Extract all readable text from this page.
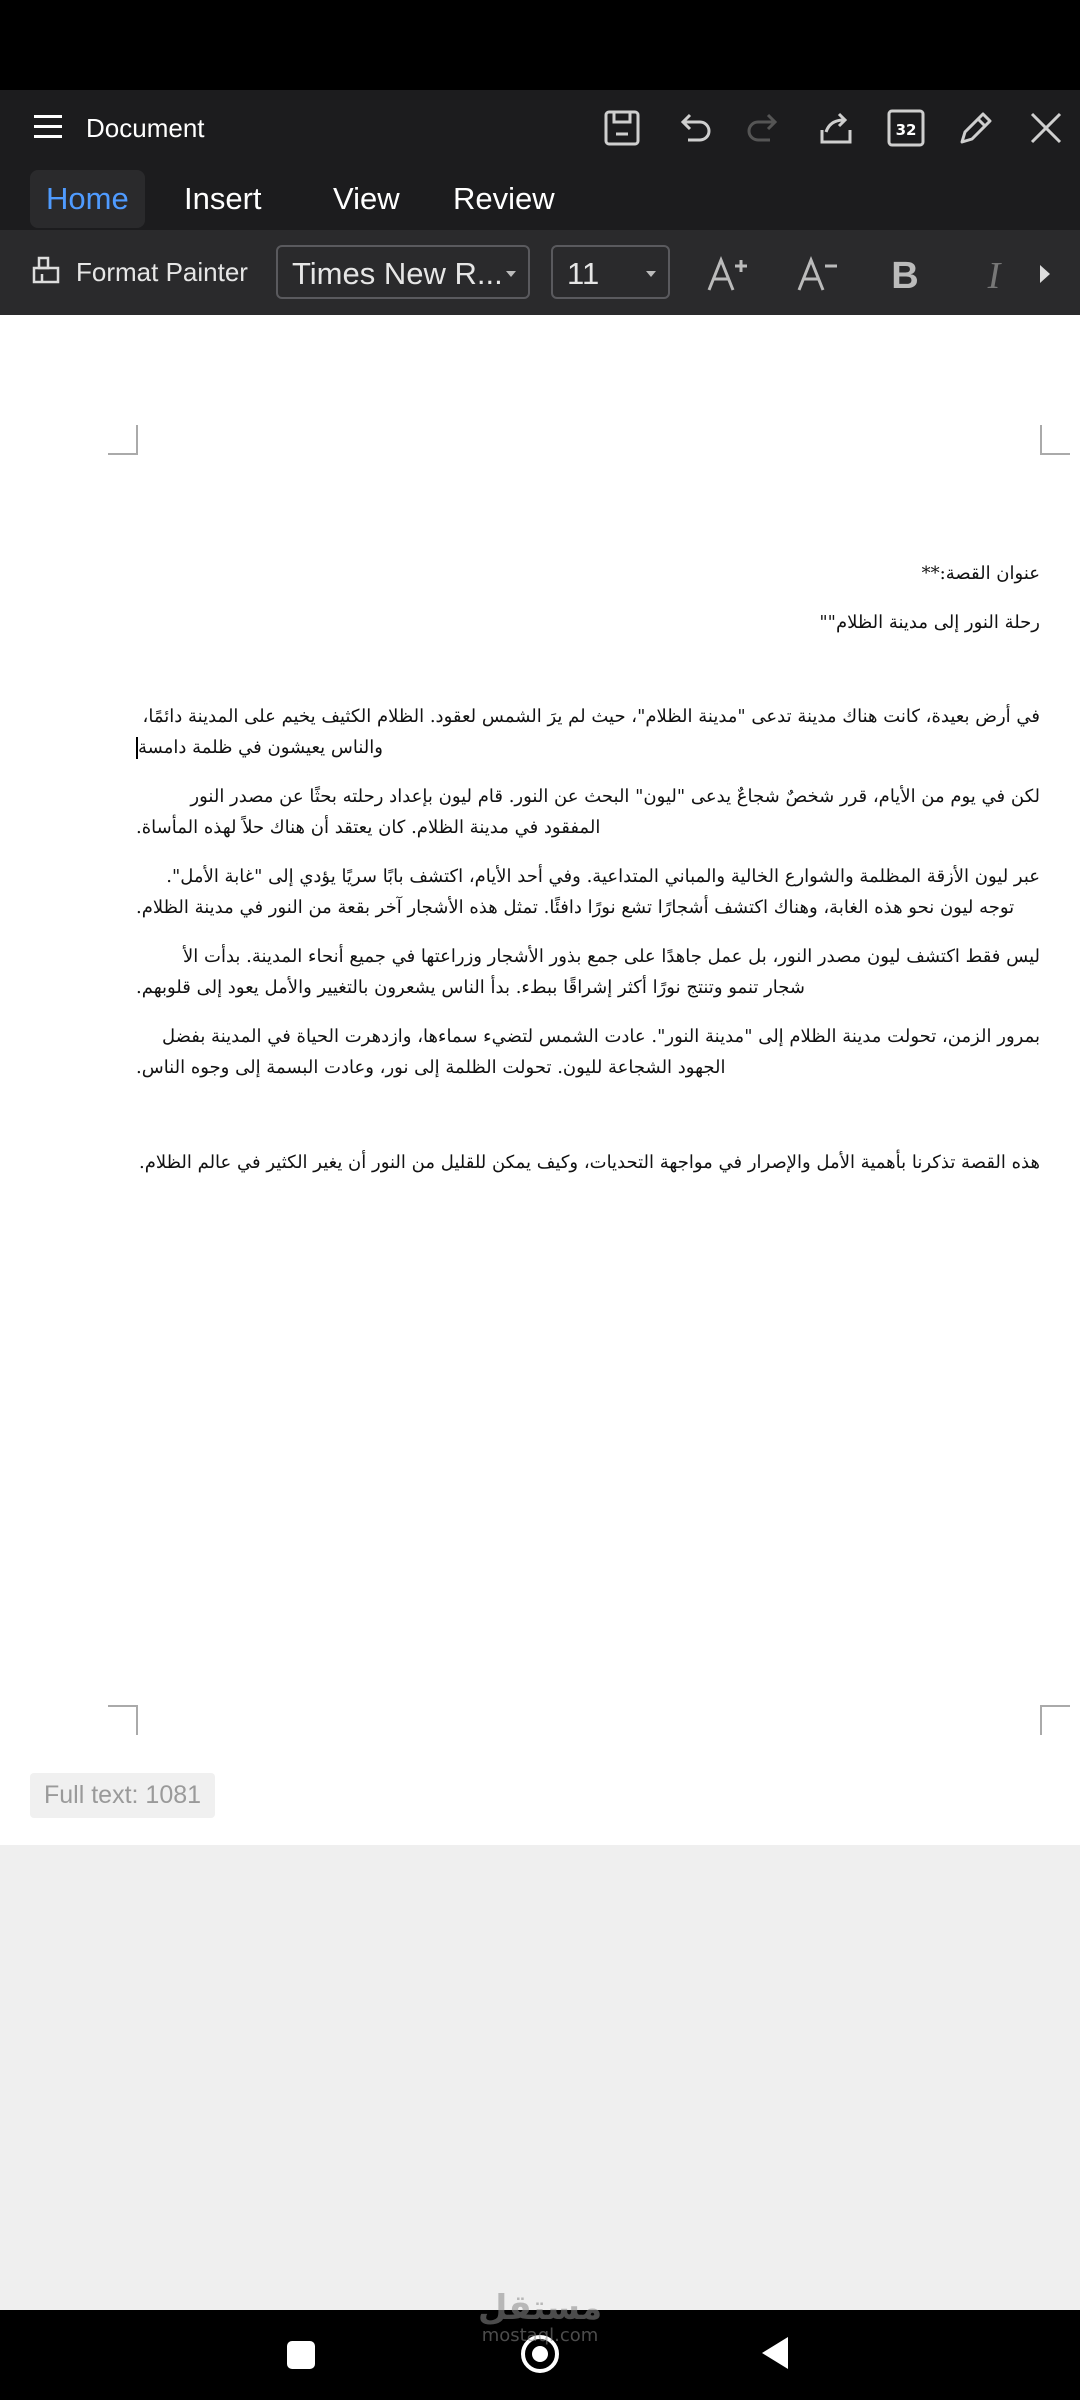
Document	32
Home	Insert	View	Review
Format Painter	Times New R...	11	B I

عنوان القصة:**

رحلة النور إلى مدينة الظلام""

في أرض بعيدة، كانت هناك مدينة تدعى "مدينة الظلام"، حيث لم يرَ الشمس لعقود. الظلام الكثيف يخيم على المدينة دائمًا،

والناس يعيشون في ظلمة دامسة

لكن في يوم من الأيام، قرر شخصٌ شجاعٌ يدعى "ليون" البحث عن النور. قام ليون بإعداد رحلته بحثًا عن مصدر النور

المفقود في مدينة الظلام. كان يعتقد أن هناك حلاً لهذه المأساة.

عبر ليون الأزقة المظلمة والشوارع الخالية والمباني المتداعية. وفي أحد الأيام، اكتشف بابًا سريًا يؤدي إلى "غابة الأمل".

توجه ليون نحو هذه الغابة، وهناك اكتشف أشجارًا تشع نورًا دافئًا. تمثل هذه الأشجار آخر بقعة من النور في مدينة الظلام.

ليس فقط اكتشف ليون مصدر النور، بل عمل جاهدًا على جمع بذور الأشجار وزراعتها في جميع أنحاء المدينة. بدأت الأ

شجار تنمو وتنتج نورًا أكثر إشراقًا ببطء. بدأ الناس يشعرون بالتغيير والأمل يعود إلى قلوبهم.

بمرور الزمن، تحولت مدينة الظلام إلى "مدينة النور". عادت الشمس لتضيء سماءها، وازدهرت الحياة في المدينة بفضل

الجهود الشجاعة لليون. تحولت الظلمة إلى نور، وعادت البسمة إلى وجوه الناس.

هذه القصة تذكرنا بأهمية الأمل والإصرار في مواجهة التحديات، وكيف يمكن للقليل من النور أن يغير الكثير في عالم الظلام.

Full text: 1081
مستقل
mostaql.com
